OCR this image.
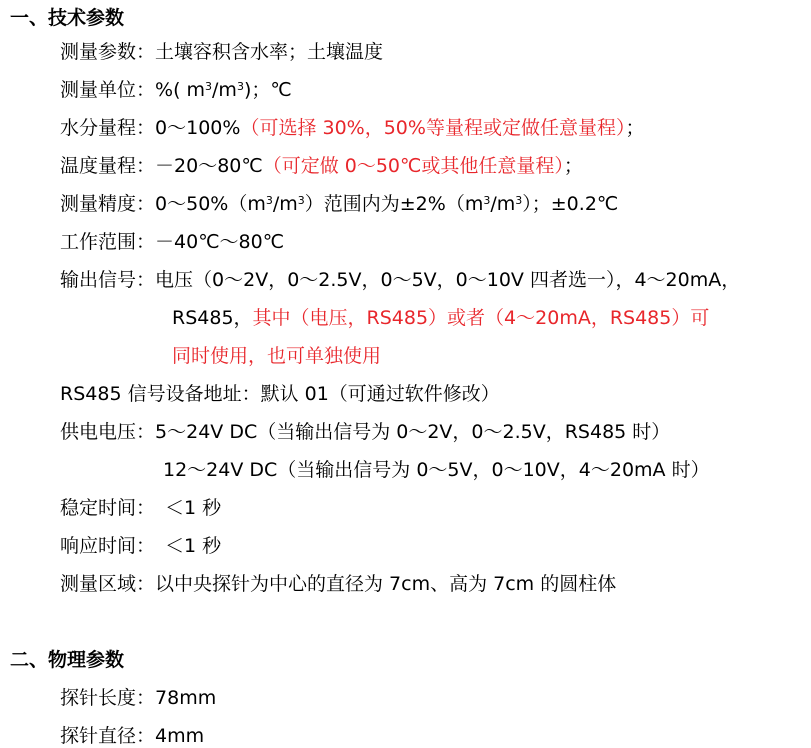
一、技术参数
测量参数：土壤容积含水率；土壤温度
测量单位：%( $m^3/m^3$)；℃
水分量程：0～100%（可选择 30%，50%等量程或定做任意量程）；
温度量程：－20～80℃（可定做 0～50℃或其他任意量程）；
测量精度：$0\sim 50\%(m^3/m^3)$范围内为$\pm 2\%(m^3/m^3)$；±0.2℃
工作范围：－40℃～80℃
输出信号：电压（0～2V，0～2.5V，0～5V，0～10V 四者选一），4～20mA，
RS485，其中（电压，RS485）或者（4～20mA，RS485）可
同时使用，也可单独使用
RS485 信号设备地址：默认 01（可通过软件修改）
供电电压：5～24V DC（当输出信号为 0～2V，0～2.5V，RS485 时）
12～24V DC（当输出信号为 0～5V，0～10V，4～20mA 时）
稳定时间： ＜1 秒
响应时间： ＜1 秒
测量区域：以中央探针为中心的直径为 7cm、高为 7cm 的圆柱体
二、物理参数
探针长度：78mm
探针直径：4mm
